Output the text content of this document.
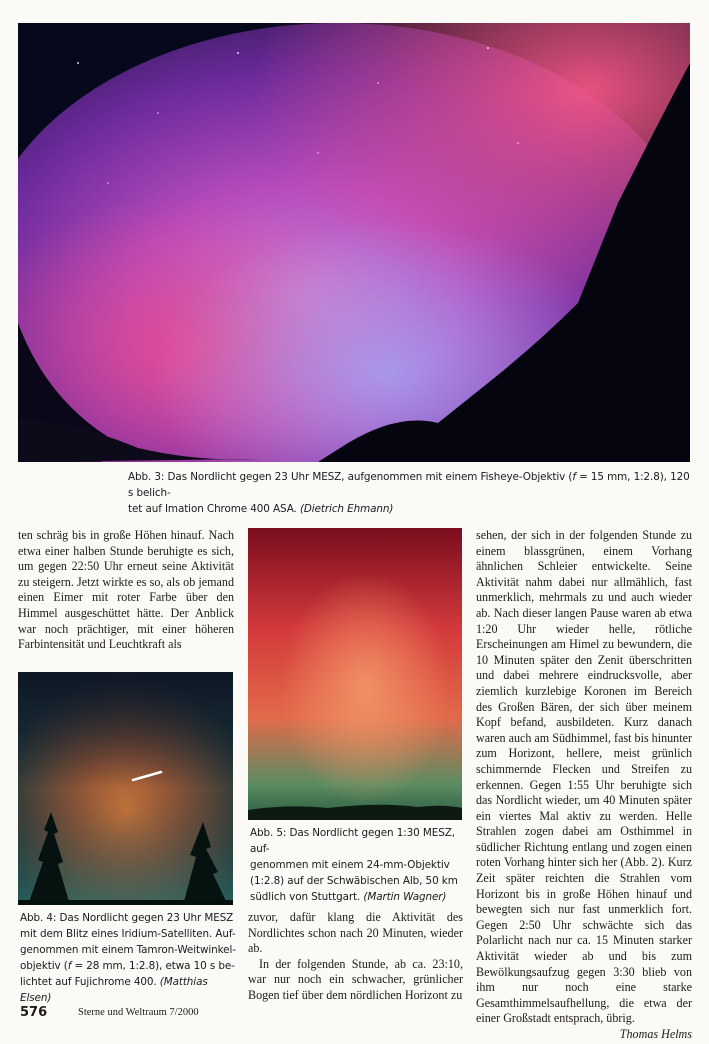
Abb. 3: Das Nordlicht gegen 23 Uhr MESZ, aufgenommen mit einem Fisheye-Objektiv (f = 15 mm, 1:2.8), 120 s belich-
tet auf Imation Chrome 400 ASA. (Dietrich Ehmann)

ten schräg bis in große Höhen hinauf. Nach etwa einer halben Stunde beruhigte es sich, um gegen 22:50 Uhr erneut seine Aktivität zu steigern. Jetzt wirkte es so, als ob jemand einen Eimer mit roter Farbe über den Himmel ausgeschüttet hätte. Der Anblick war noch prächtiger, mit einer höheren Farbintensität und Leuchtkraft als

Abb. 4: Das Nordlicht gegen 23 Uhr MESZ
mit dem Blitz eines Iridium-Satelliten. Auf-
genommen mit einem Tamron-Weitwinkel-
objektiv (f = 28 mm, 1:2.8), etwa 10 s be-
lichtet auf Fujichrome 400. (Matthias Elsen)
Abb. 5: Das Nordlicht gegen 1:30 MESZ, auf-
genommen mit einem 24-mm-Objektiv
(1:2.8) auf der Schwäbischen Alb, 50 km
südlich von Stuttgart. (Martin Wagner)

zuvor, dafür klang die Aktivität des Nordlichtes schon nach 20 Minuten, wieder ab.

In der folgenden Stunde, ab ca. 23:10, war nur noch ein schwacher, grünlicher Bogen tief über dem nördlichen Horizont zu

sehen, der sich in der folgenden Stunde zu einem blassgrünen, einem Vorhang ähnlichen Schleier entwickelte. Seine Aktivität nahm dabei nur allmählich, fast unmerklich, mehrmals zu und auch wieder ab. Nach dieser langen Pause waren ab etwa 1:20 Uhr wieder helle, rötliche Erscheinungen am Himel zu bewundern, die 10 Minuten später den Zenit überschritten und dabei mehrere eindrucksvolle, aber ziemlich kurzlebige Koronen im Bereich des Großen Bären, der sich über meinem Kopf befand, ausbildeten. Kurz danach waren auch am Südhimmel, fast bis hinunter zum Horizont, hellere, meist grünlich schimmernde Flecken und Streifen zu erkennen. Gegen 1:55 Uhr beruhigte sich das Nordlicht wieder, um 40 Minuten später ein viertes Mal aktiv zu werden. Helle Strahlen zogen dabei am Osthimmel in südlicher Richtung entlang und zogen einen roten Vorhang hinter sich her (Abb. 2). Kurz Zeit später reichten die Strahlen vom Horizont bis in große Höhen hinauf und bewegten sich nur fast unmerklich fort. Gegen 2:50 Uhr schwächte sich das Polarlicht nach nur ca. 15 Minuten starker Aktivität wieder ab und bis zum Bewölkungsaufzug gegen 3:30 blieb von ihm nur noch eine starke Gesamthimmelsaufhellung, die etwa der einer Großstadt entsprach, übrig.

Thomas Helms

576	Sterne und Weltraum 7/2000
